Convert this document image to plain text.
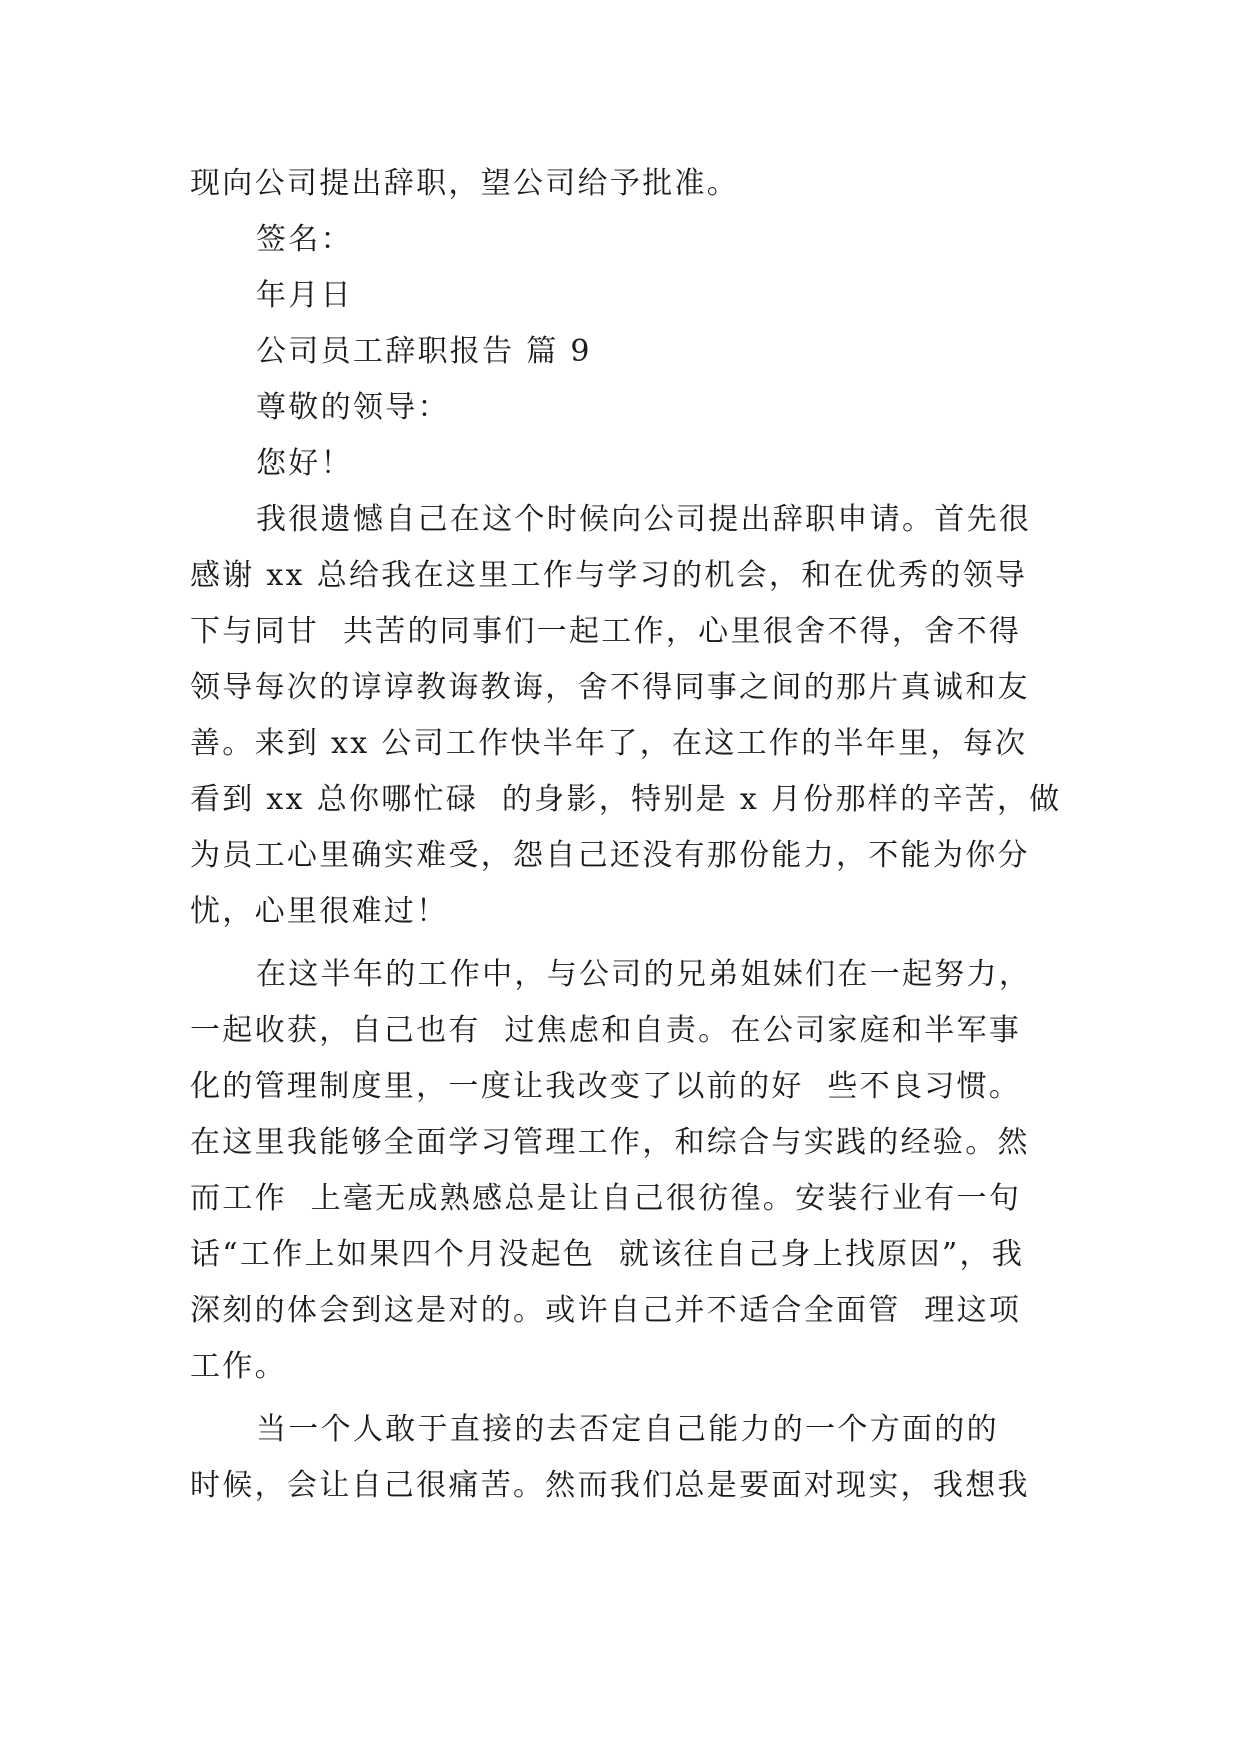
现向公司提出辞职，望公司给予批准。
签名：
年月日
公司员工辞职报告 篇 9
尊敬的领导：
您好！
我很遗憾自己在这个时候向公司提出辞职申请。首先很
感谢 xx 总给我在这里工作与学习的机会，和在优秀的领导
下与同甘  共苦的同事们一起工作，心里很舍不得，舍不得
领导每次的谆谆教诲教诲，舍不得同事之间的那片真诚和友
善。来到 xx 公司工作快半年了，在这工作的半年里，每次
看到 xx 总你哪忙碌  的身影，特别是 x 月份那样的辛苦，做
为员工心里确实难受，怨自己还没有那份能力，不能为你分
忧，心里很难过！
在这半年的工作中，与公司的兄弟姐妹们在一起努力，
一起收获，自己也有  过焦虑和自责。在公司家庭和半军事
化的管理制度里，一度让我改变了以前的好  些不良习惯。
在这里我能够全面学习管理工作，和综合与实践的经验。然
而工作  上毫无成熟感总是让自己很彷徨。安装行业有一句
话“工作上如果四个月没起色  就该往自己身上找原因”，我
深刻的体会到这是对的。或许自己并不适合全面管  理这项
工作。
当一个人敢于直接的去否定自己能力的一个方面的的
时候，会让自己很痛苦。然而我们总是要面对现实，我想我
